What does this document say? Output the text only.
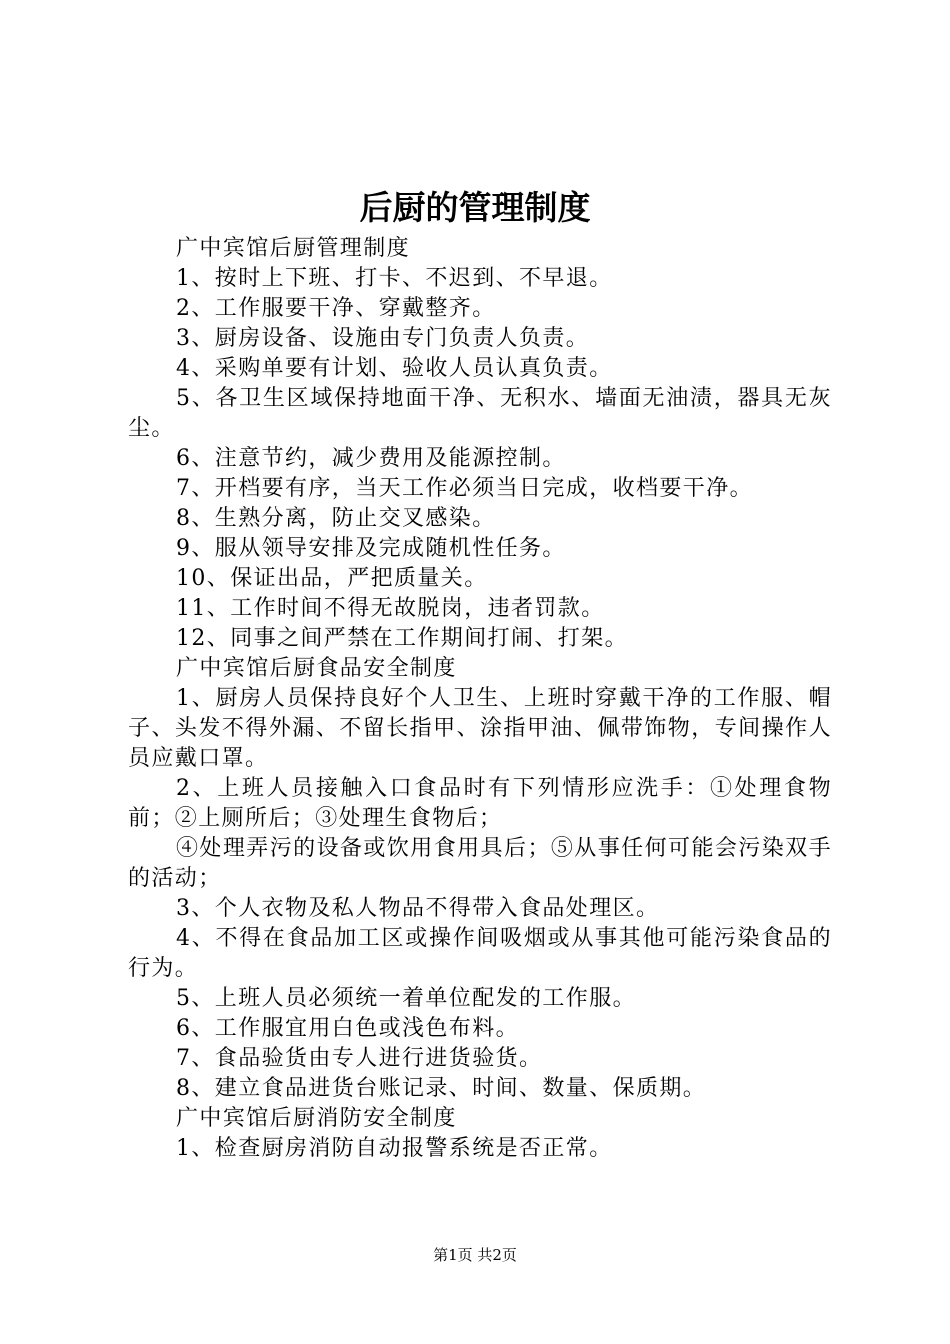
后厨的管理制度

广中宾馆后厨管理制度

1、按时上下班、打卡、不迟到、不早退。

2、工作服要干净、穿戴整齐。

3、厨房设备、设施由专门负责人负责。

4、采购单要有计划、验收人员认真负责。

5、各卫生区域保持地面干净、无积水、墙面无油渍，器具无灰尘。

6、注意节约，减少费用及能源控制。

7、开档要有序，当天工作必须当日完成，收档要干净。

8、生熟分离，防止交叉感染。

9、服从领导安排及完成随机性任务。

10、保证出品，严把质量关。

11、工作时间不得无故脱岗，违者罚款。

12、同事之间严禁在工作期间打闹、打架。

广中宾馆后厨食品安全制度

1、厨房人员保持良好个人卫生、上班时穿戴干净的工作服、帽子、头发不得外漏、不留长指甲、涂指甲油、佩带饰物，专间操作人员应戴口罩。

2、上班人员接触入口食品时有下列情形应洗手：①处理食物前；②上厕所后；③处理生食物后；

④处理弄污的设备或饮用食用具后；⑤从事任何可能会污染双手的活动；

3、个人衣物及私人物品不得带入食品处理区。

4、不得在食品加工区或操作间吸烟或从事其他可能污染食品的行为。

5、上班人员必须统一着单位配发的工作服。

6、工作服宜用白色或浅色布料。

7、食品验货由专人进行进货验货。

8、建立食品进货台账记录、时间、数量、保质期。

广中宾馆后厨消防安全制度

1、检查厨房消防自动报警系统是否正常。

第1页 共2页
